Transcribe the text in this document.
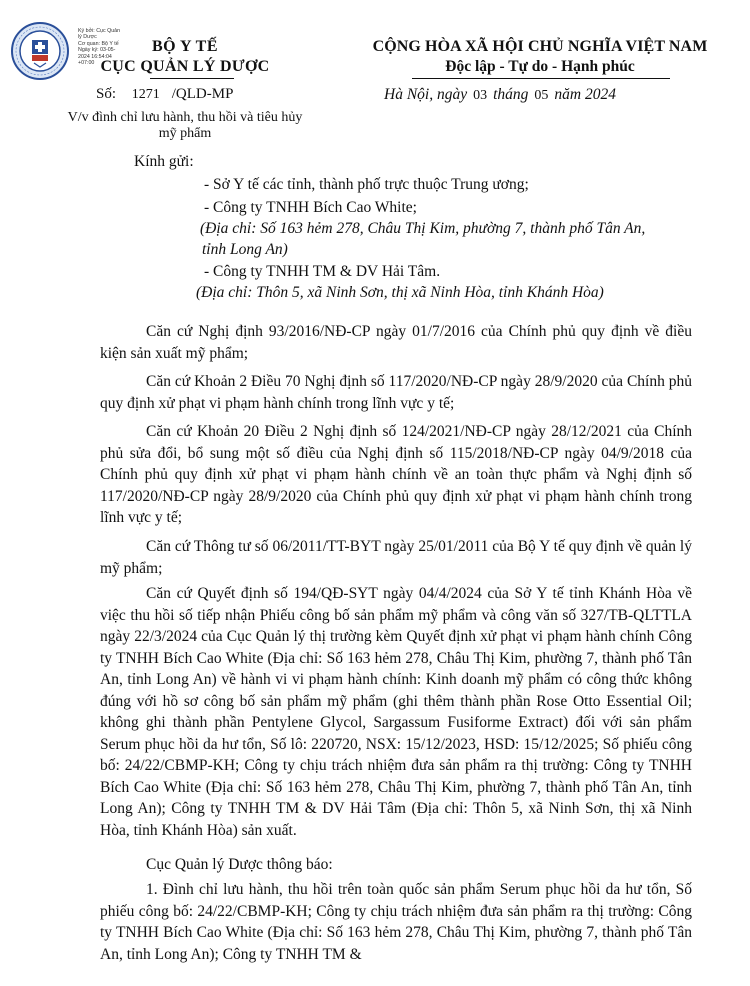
Ký bởi: Cục Quản
lý Dược
Cơ quan: Bộ Y tế
Ngày ký: 03-05-
2024 16:54:04
+07:00
BỘ Y TẾ
CỤC QUẢN LÝ DƯỢC
Số: 1271 /QLD-MP
V/v đình chỉ lưu hành, thu hồi và tiêu hủy mỹ phẩm
CỘNG HÒA XÃ HỘI CHỦ NGHĨA VIỆT NAM
Độc lập - Tự do - Hạnh phúc
Hà Nội, ngày 03 tháng 05 năm 2024
Kính gửi:
- Sở Y tế các tỉnh, thành phố trực thuộc Trung ương;
- Công ty TNHH Bích Cao White;
(Địa chỉ: Số 163 hẻm 278, Châu Thị Kim, phường 7, thành phố Tân An,
tỉnh Long An)
- Công ty TNHH TM & DV Hải Tâm.
(Địa chỉ: Thôn 5, xã Ninh Sơn, thị xã Ninh Hòa, tỉnh Khánh Hòa)

Căn cứ Nghị định 93/2016/NĐ-CP ngày 01/7/2016 của Chính phủ quy định về điều kiện sản xuất mỹ phẩm;

Căn cứ Khoản 2 Điều 70 Nghị định số 117/2020/NĐ-CP ngày 28/9/2020 của Chính phủ quy định xử phạt vi phạm hành chính trong lĩnh vực y tế;

Căn cứ Khoản 20 Điều 2 Nghị định số 124/2021/NĐ-CP ngày 28/12/2021 của Chính phủ sửa đổi, bổ sung một số điều của Nghị định số 115/2018/NĐ-CP ngày 04/9/2018 của Chính phủ quy định xử phạt vi phạm hành chính về an toàn thực phẩm và Nghị định số 117/2020/NĐ-CP ngày 28/9/2020 của Chính phủ quy định xử phạt vi phạm hành chính trong lĩnh vực y tế;

Căn cứ Thông tư số 06/2011/TT-BYT ngày 25/01/2011 của Bộ Y tế quy định về quản lý mỹ phẩm;

Căn cứ Quyết định số 194/QĐ-SYT ngày 04/4/2024 của Sở Y tế tỉnh Khánh Hòa về việc thu hồi số tiếp nhận Phiếu công bố sản phẩm mỹ phẩm và công văn số 327/TB-QLTTLA ngày 22/3/2024 của Cục Quản lý thị trường kèm Quyết định xử phạt vi phạm hành chính Công ty TNHH Bích Cao White (Địa chỉ: Số 163 hẻm 278, Châu Thị Kim, phường 7, thành phố Tân An, tỉnh Long An) về hành vi vi phạm hành chính: Kinh doanh mỹ phẩm có công thức không đúng với hồ sơ công bố sản phẩm mỹ phẩm (ghi thêm thành phần Rose Otto Essential Oil; không ghi thành phần Pentylene Glycol, Sargassum Fusiforme Extract) đối với sản phẩm Serum phục hồi da hư tổn, Số lô: 220720, NSX: 15/12/2023, HSD: 15/12/2025; Số phiếu công bố: 24/22/CBMP-KH; Công ty chịu trách nhiệm đưa sản phẩm ra thị trường: Công ty TNHH Bích Cao White (Địa chỉ: Số 163 hẻm 278, Châu Thị Kim, phường 7, thành phố Tân An, tỉnh Long An); Công ty TNHH TM & DV Hải Tâm (Địa chỉ: Thôn 5, xã Ninh Sơn, thị xã Ninh Hòa, tỉnh Khánh Hòa) sản xuất.

Cục Quản lý Dược thông báo:

1. Đình chỉ lưu hành, thu hồi trên toàn quốc sản phẩm Serum phục hồi da hư tổn, Số phiếu công bố: 24/22/CBMP-KH; Công ty chịu trách nhiệm đưa sản phẩm ra thị trường: Công ty TNHH Bích Cao White (Địa chỉ: Số 163 hẻm 278, Châu Thị Kim, phường 7, thành phố Tân An, tỉnh Long An); Công ty TNHH TM &
